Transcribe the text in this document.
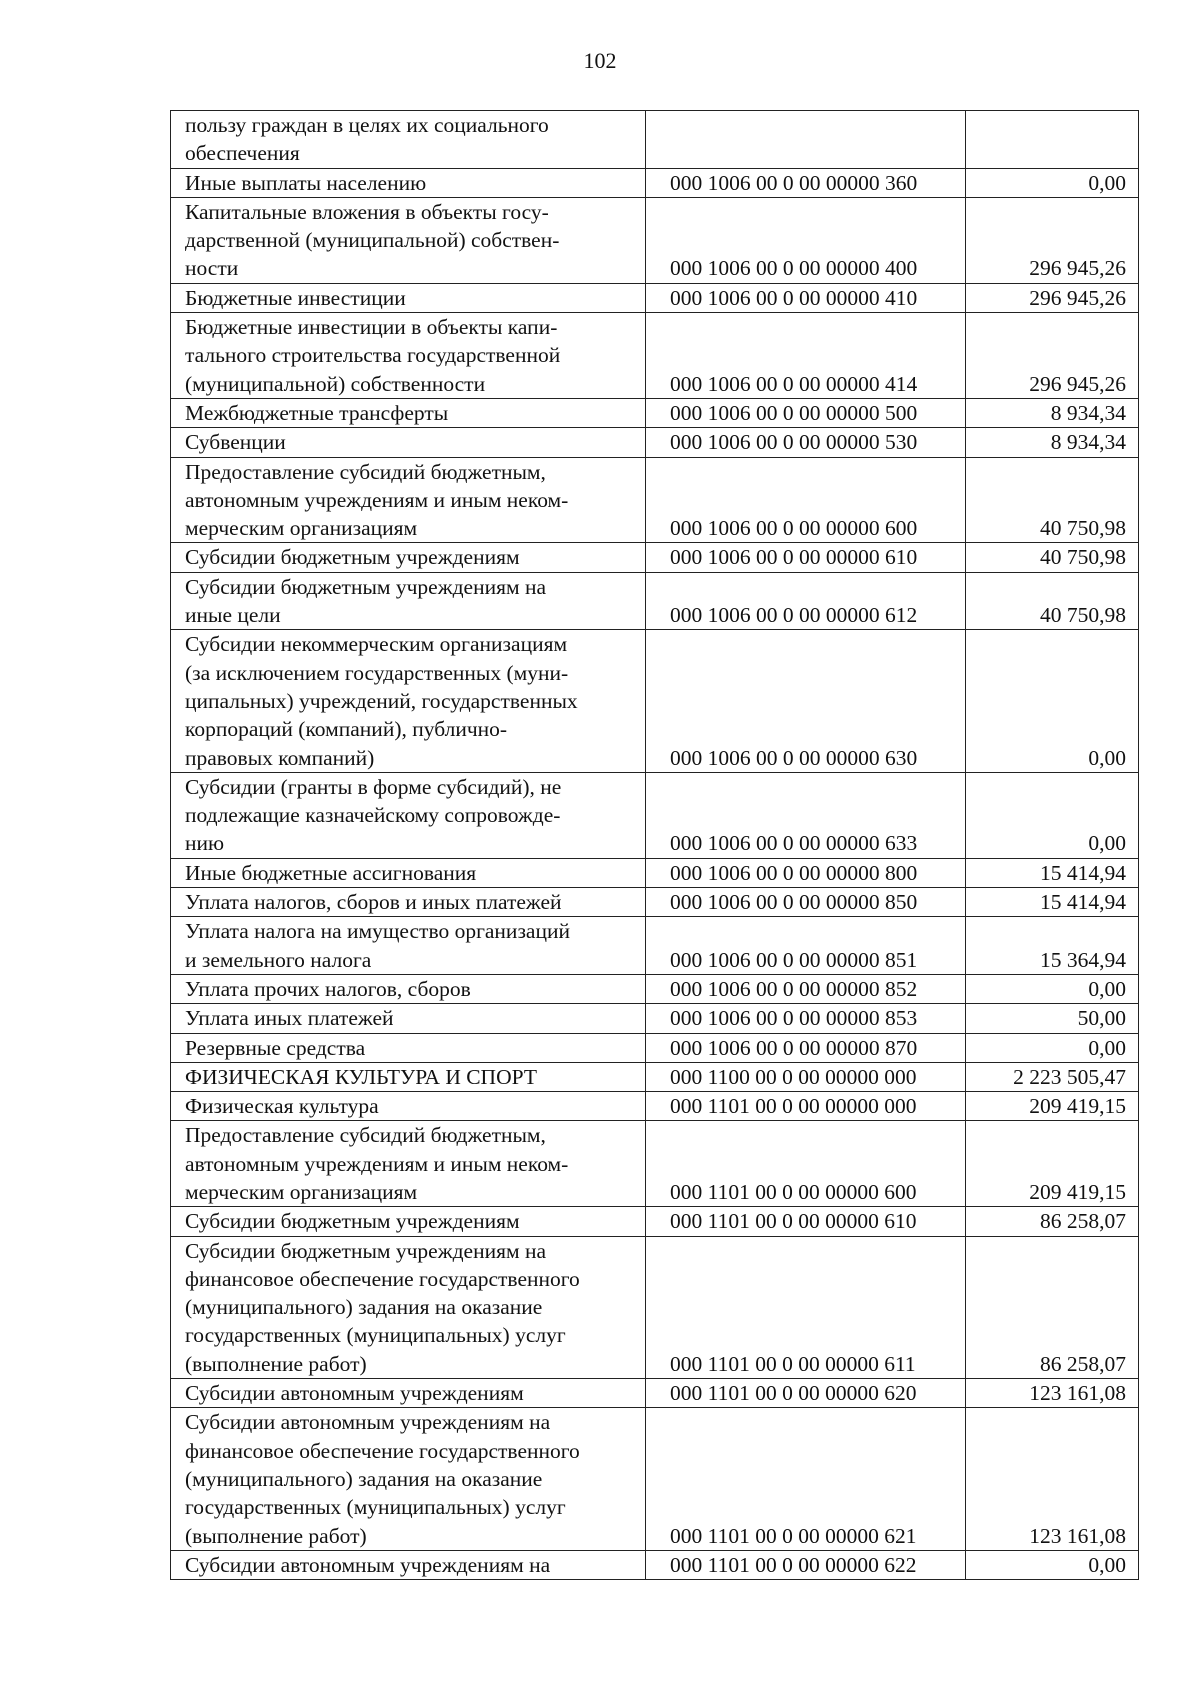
102
пользу граждан в целях их социального
обеспечения		

Иные выплаты населению	000 1006 00 0 00 00000 360	0,00

Капитальные вложения в объекты госу-
дарственной (муниципальной) собствен-
ности	000 1006 00 0 00 00000 400	296 945,26

Бюджетные инвестиции	000 1006 00 0 00 00000 410	296 945,26

Бюджетные инвестиции в объекты капи-
тального строительства государственной
(муниципальной) собственности	000 1006 00 0 00 00000 414	296 945,26

Межбюджетные трансферты	000 1006 00 0 00 00000 500	8 934,34

Субвенции	000 1006 00 0 00 00000 530	8 934,34

Предоставление субсидий бюджетным,
автономным учреждениям и иным неком-
мерческим организациям	000 1006 00 0 00 00000 600	40 750,98

Субсидии бюджетным учреждениям	000 1006 00 0 00 00000 610	40 750,98

Субсидии бюджетным учреждениям на
иные цели	000 1006 00 0 00 00000 612	40 750,98

Субсидии некоммерческим организациям
(за исключением государственных (муни-
ципальных) учреждений, государственных
корпораций (компаний), публично-
правовых компаний)	000 1006 00 0 00 00000 630	0,00

Субсидии (гранты в форме субсидий), не
подлежащие казначейскому сопровожде-
нию	000 1006 00 0 00 00000 633	0,00

Иные бюджетные ассигнования	000 1006 00 0 00 00000 800	15 414,94

Уплата налогов, сборов и иных платежей	000 1006 00 0 00 00000 850	15 414,94

Уплата налога на имущество организаций
и земельного налога	000 1006 00 0 00 00000 851	15 364,94

Уплата прочих налогов, сборов	000 1006 00 0 00 00000 852	0,00

Уплата иных платежей	000 1006 00 0 00 00000 853	50,00

Резервные средства	000 1006 00 0 00 00000 870	0,00

ФИЗИЧЕСКАЯ КУЛЬТУРА И СПОРТ	000 1100 00 0 00 00000 000	2 223 505,47

Физическая культура	000 1101 00 0 00 00000 000	209 419,15

Предоставление субсидий бюджетным,
автономным учреждениям и иным неком-
мерческим организациям	000 1101 00 0 00 00000 600	209 419,15

Субсидии бюджетным учреждениям	000 1101 00 0 00 00000 610	86 258,07

Субсидии бюджетным учреждениям на
финансовое обеспечение государственного
(муниципального) задания на оказание
государственных (муниципальных) услуг
(выполнение работ)	000 1101 00 0 00 00000 611	86 258,07

Субсидии автономным учреждениям	000 1101 00 0 00 00000 620	123 161,08

Субсидии автономным учреждениям на
финансовое обеспечение государственного
(муниципального) задания на оказание
государственных (муниципальных) услуг
(выполнение работ)	000 1101 00 0 00 00000 621	123 161,08

Субсидии автономным учреждениям на	000 1101 00 0 00 00000 622	0,00
